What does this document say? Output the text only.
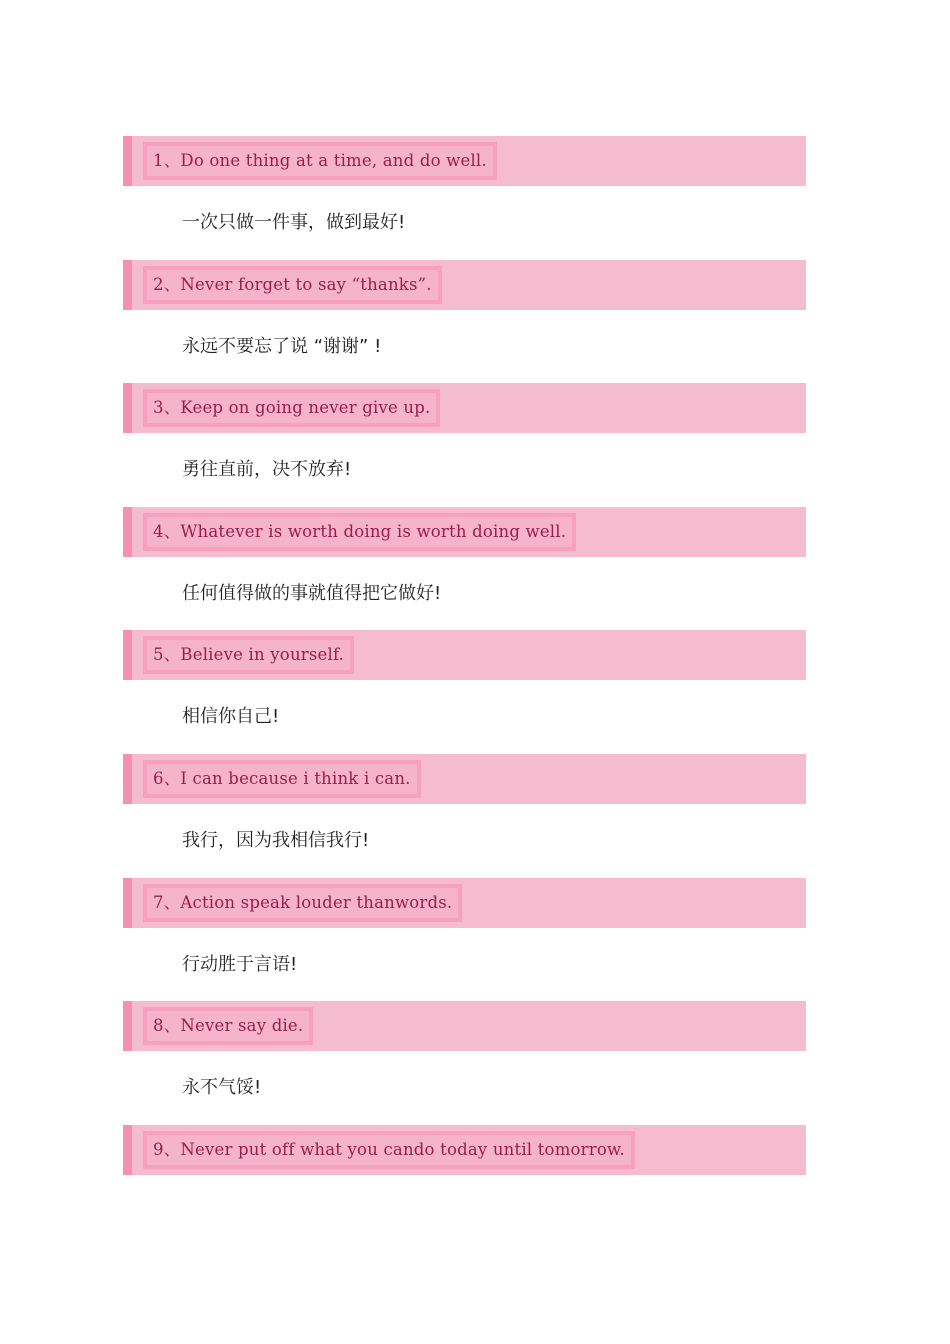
1、Do one thing at a time, and do well.
一次只做一件事，做到最好!
2、Never forget to say “thanks”.
永远不要忘了说 “谢谢” !
3、Keep on going never give up.
勇往直前，决不放弃!
4、Whatever is worth doing is worth doing well.
任何值得做的事就值得把它做好!
5、Believe in yourself.
相信你自己!
6、I can because i think i can.
我行，因为我相信我行!
7、Action speak louder thanwords.
行动胜于言语!
8、Never say die.
永不气馁!
9、Never put off what you cando today until tomorrow.
